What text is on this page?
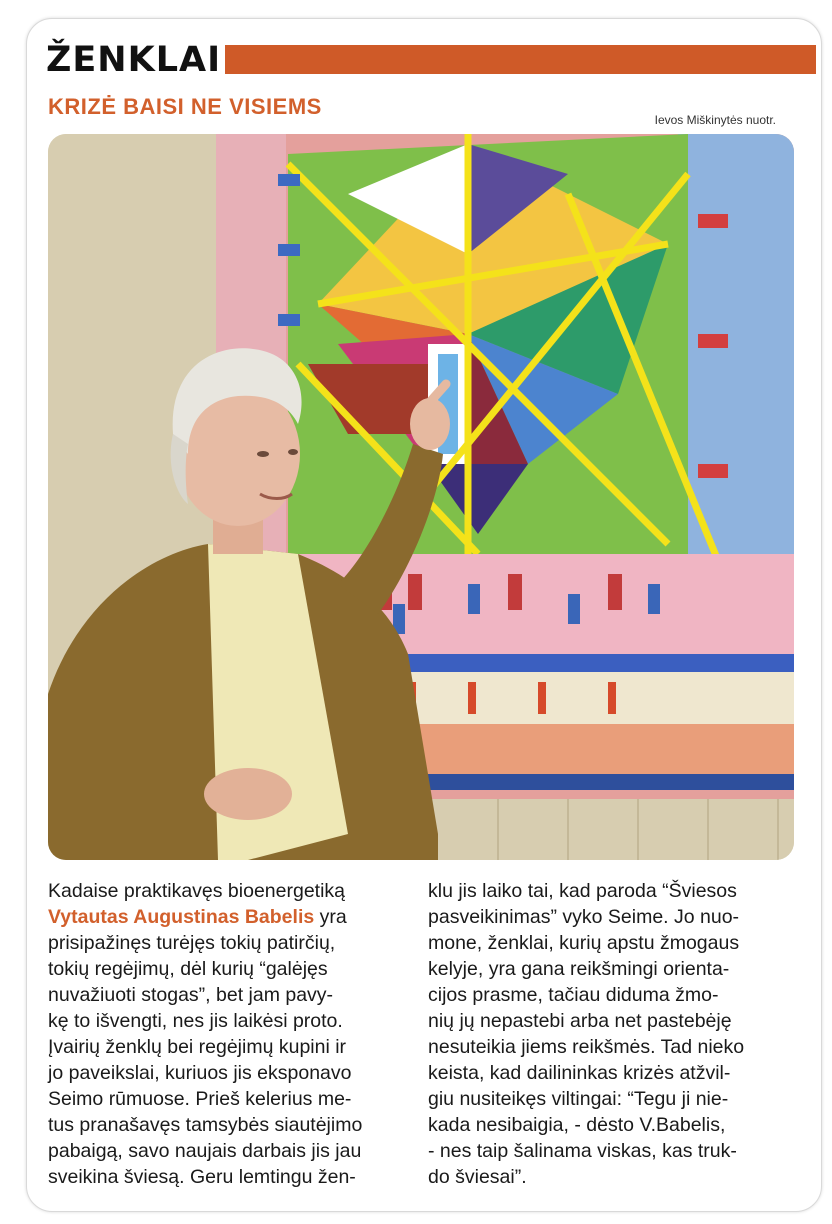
ŽENKLAI
KRIZĖ BAISI NE VISIEMS
Ievos Miškinytės nuotr.
Kadaise praktikavęs bioenergetiką
Vytautas Augustinas Babelis yra
prisipažinęs turėjęs tokių patirčių,
tokių regėjimų, dėl kurių “galėjęs
nuvažiuoti stogas”, bet jam pavy-
kę to išvengti, nes jis laikėsi proto.
Įvairių ženklų bei regėjimų kupini ir
jo paveikslai, kuriuos jis eksponavo
Seimo rūmuose. Prieš kelerius me-
tus pranašavęs tamsybės siautėjimo
pabaigą, savo naujais darbais jis jau
sveikina šviesą. Geru lemtingu žen-
klu jis laiko tai, kad paroda “Šviesos
pasveikinimas” vyko Seime. Jo nuo-
mone, ženklai, kurių apstu žmogaus
kelyje, yra gana reikšmingi orienta-
cijos prasme, tačiau diduma žmo-
nių jų nepastebi arba net pastebėję
nesuteikia jiems reikšmės. Tad nieko
keista, kad dailininkas krizės atžvil-
giu nusiteikęs viltingai: “Tegu ji nie-
kada nesibaigia, - dėsto V.Babelis,
- nes taip šalinama viskas, kas truk-
do šviesai”.
